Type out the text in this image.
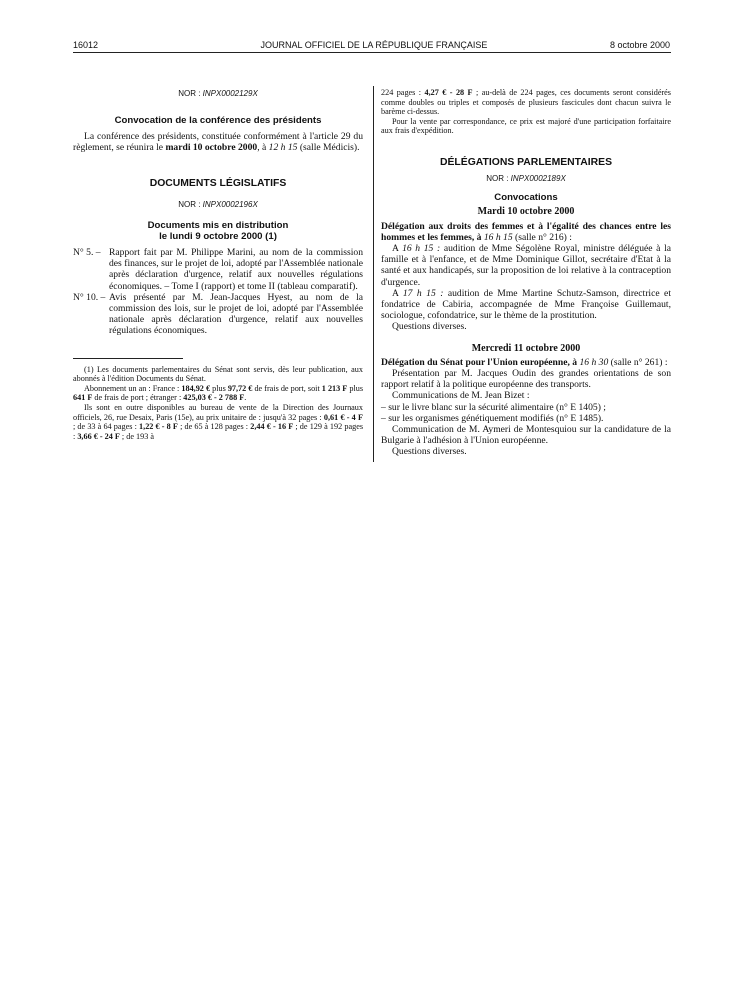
JOURNAL OFFICIEL DE LA RÉPUBLIQUE FRANÇAISE
16012	8 octobre 2000

NOR : INPX0002129X

Convocation de la conférence des présidents

La conférence des présidents, constituée conformément à l'article 29 du règlement, se réunira le mardi 10 octobre 2000, à 12 h 15 (salle Médicis).

DOCUMENTS LÉGISLATIFS

NOR : INPX0002196X

Documents mis en distribution

le lundi 9 octobre 2000 (1)

N° 5. – Rapport fait par M. Philippe Marini, au nom de la commission des finances, sur le projet de loi, adopté par l'Assemblée nationale après déclaration d'urgence, relatif aux nouvelles régulations économiques. – Tome I (rapport) et tome II (tableau comparatif).
N° 10. – Avis présenté par M. Jean-Jacques Hyest, au nom de la commission des lois, sur le projet de loi, adopté par l'Assemblée nationale après déclaration d'urgence, relatif aux nouvelles régulations économiques.

(1) Les documents parlementaires du Sénat sont servis, dès leur publication, aux abonnés à l'édition Documents du Sénat.

Abonnement un an : France : 184,92 € plus 97,72 € de frais de port, soit 1 213 F plus 641 F de frais de port ; étranger : 425,03 € - 2 788 F.

Ils sont en outre disponibles au bureau de vente de la Direction des Journaux officiels, 26, rue Desaix, Paris (15e), au prix unitaire de : jusqu'à 32 pages : 0,61 € - 4 F ; de 33 à 64 pages : 1,22 € - 8 F ; de 65 à 128 pages : 2,44 € - 16 F ; de 129 à 192 pages : 3,66 € - 24 F ; de 193 à

224 pages : 4,27 € - 28 F ; au-delà de 224 pages, ces documents seront considérés comme doubles ou triples et composés de plusieurs fascicules dont chacun suivra le barème ci-dessus.

Pour la vente par correspondance, ce prix est majoré d'une participation forfaitaire aux frais d'expédition.

DÉLÉGATIONS PARLEMENTAIRES

NOR : INPX0002189X

Convocations

Mardi 10 octobre 2000

Délégation aux droits des femmes et à l'égalité des chances entre les hommes et les femmes, à 16 h 15 (salle n° 216) :

A 16 h 15 : audition de Mme Ségolène Royal, ministre déléguée à la famille et à l'enfance, et de Mme Dominique Gillot, secrétaire d'Etat à la santé et aux handicapés, sur la proposition de loi relative à la contraception d'urgence.

A 17 h 15 : audition de Mme Martine Schutz-Samson, directrice et fondatrice de Cabiria, accompagnée de Mme Françoise Guillemaut, sociologue, cofondatrice, sur le thème de la prostitution.

Questions diverses.

Mercredi 11 octobre 2000

Délégation du Sénat pour l'Union européenne, à 16 h 30 (salle n° 261) :

Présentation par M. Jacques Oudin des grandes orientations de son rapport relatif à la politique européenne des transports.

Communications de M. Jean Bizet :

– sur le livre blanc sur la sécurité alimentaire (n° E 1405) ;

– sur les organismes génétiquement modifiés (n° E 1485).

Communication de M. Aymeri de Montesquiou sur la candidature de la Bulgarie à l'adhésion à l'Union européenne.

Questions diverses.
